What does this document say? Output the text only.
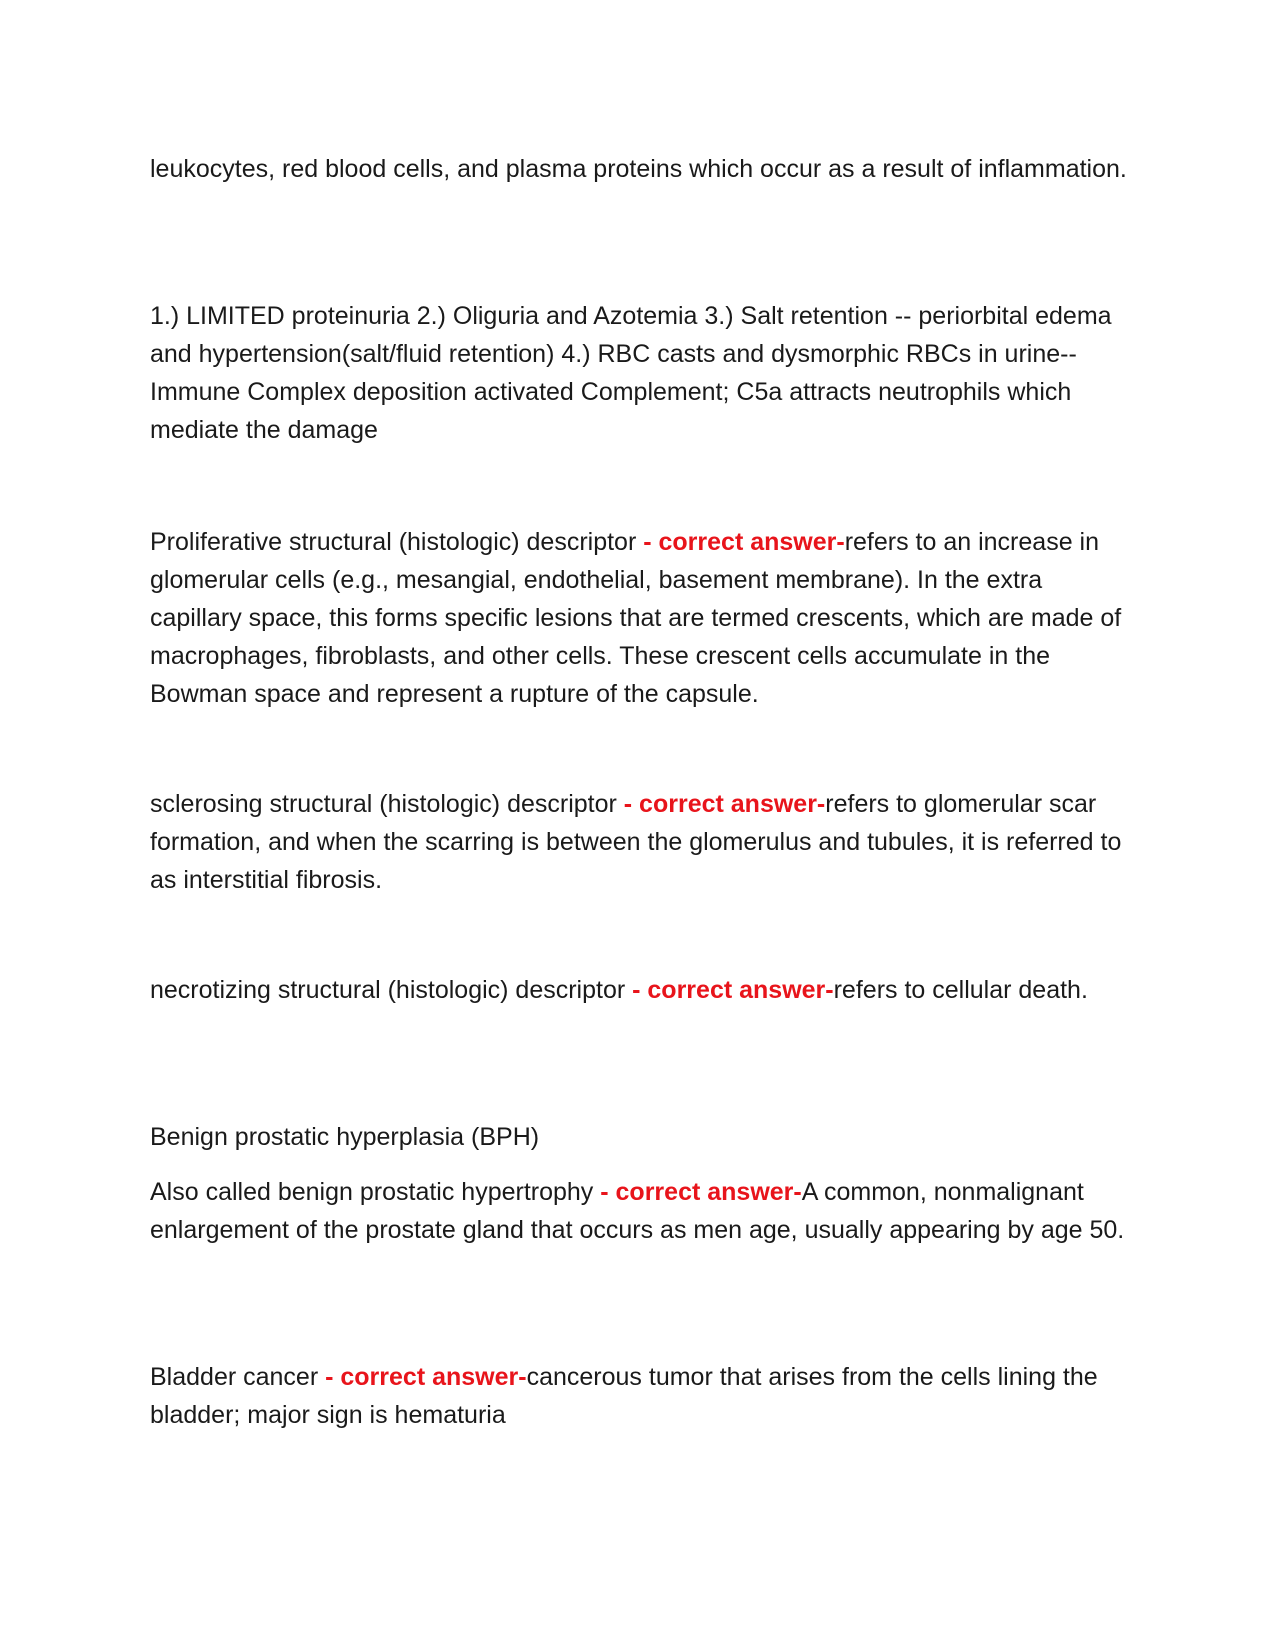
leukocytes, red blood cells, and plasma proteins which occur as a result of inflammation.

1.) LIMITED proteinuria 2.) Oliguria and Azotemia 3.) Salt retention -- periorbital edema and hypertension(salt/fluid retention) 4.) RBC casts and dysmorphic RBCs in urine-- Immune Complex deposition activated Complement; C5a attracts neutrophils which mediate the damage

Proliferative structural (histologic) descriptor - correct answer-refers to an increase in glomerular cells (e.g., mesangial, endothelial, basement membrane). In the extra capillary space, this forms specific lesions that are termed crescents, which are made of macrophages, fibroblasts, and other cells. These crescent cells accumulate in the Bowman space and represent a rupture of the capsule.

sclerosing structural (histologic) descriptor - correct answer-refers to glomerular scar formation, and when the scarring is between the glomerulus and tubules, it is referred to as interstitial fibrosis.

necrotizing structural (histologic) descriptor - correct answer-refers to cellular death.

Benign prostatic hyperplasia (BPH)

Also called benign prostatic hypertrophy - correct answer-A common, nonmalignant enlargement of the prostate gland that occurs as men age, usually appearing by age 50.

Bladder cancer - correct answer-cancerous tumor that arises from the cells lining the bladder; major sign is hematuria
